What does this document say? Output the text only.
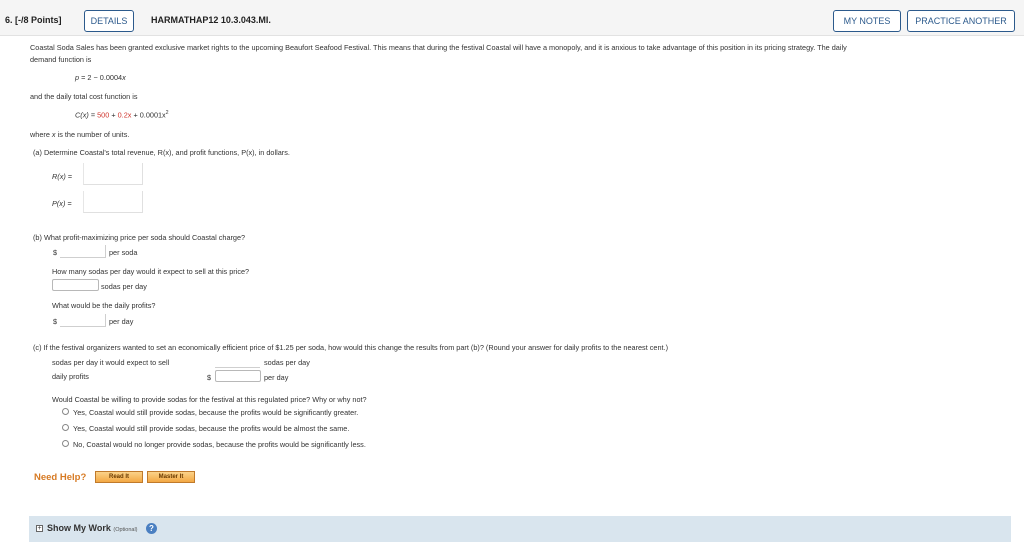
6. [-/8 Points]	DETAILS	HARMATHAP12 10.3.043.MI.	MY NOTES	PRACTICE ANOTHER
Coastal Soda Sales has been granted exclusive market rights to the upcoming Beaufort Seafood Festival. This means that during the festival Coastal will have a monopoly, and it is anxious to take advantage of this position in its pricing strategy. The daily
demand function is
p = 2 − 0.0004x
and the daily total cost function is
$C(x) = 500 + 0.2x + 0.0001x^2$
where x is the number of units.
(a) Determine Coastal's total revenue, R(x), and profit functions, P(x), in dollars.
R(x) =
P(x) =
(b) What profit-maximizing price per soda should Coastal charge?
$	per soda
How many sodas per day would it expect to sell at this price?
sodas per day
What would be the daily profits?
$	per day
(c) If the festival organizers wanted to set an economically efficient price of $1.25 per soda, how would this change the results from part (b)? (Round your answer for daily profits to the nearest cent.)
sodas per day it would expect to sell	sodas per day
daily profits	$	per day
Would Coastal be willing to provide sodas for the festival at this regulated price? Why or why not?
Yes, Coastal would still provide sodas, because the profits would be significantly greater.
Yes, Coastal would still provide sodas, because the profits would be almost the same.
No, Coastal would no longer provide sodas, because the profits would be significantly less.
Need Help?	Read It	Master It
+ Show My Work (Optional)	?
